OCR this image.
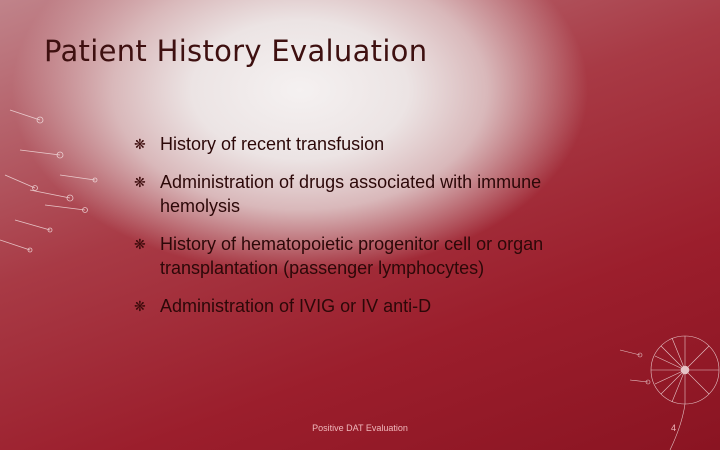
Patient History Evaluation
❋ History of recent transfusion
❋ Administration of drugs associated with immune hemolysis
❋ History of hematopoietic progenitor cell or organ transplantation (passenger lymphocytes)
❋ Administration of IVIG or IV anti-D
Positive DAT Evaluation	4
